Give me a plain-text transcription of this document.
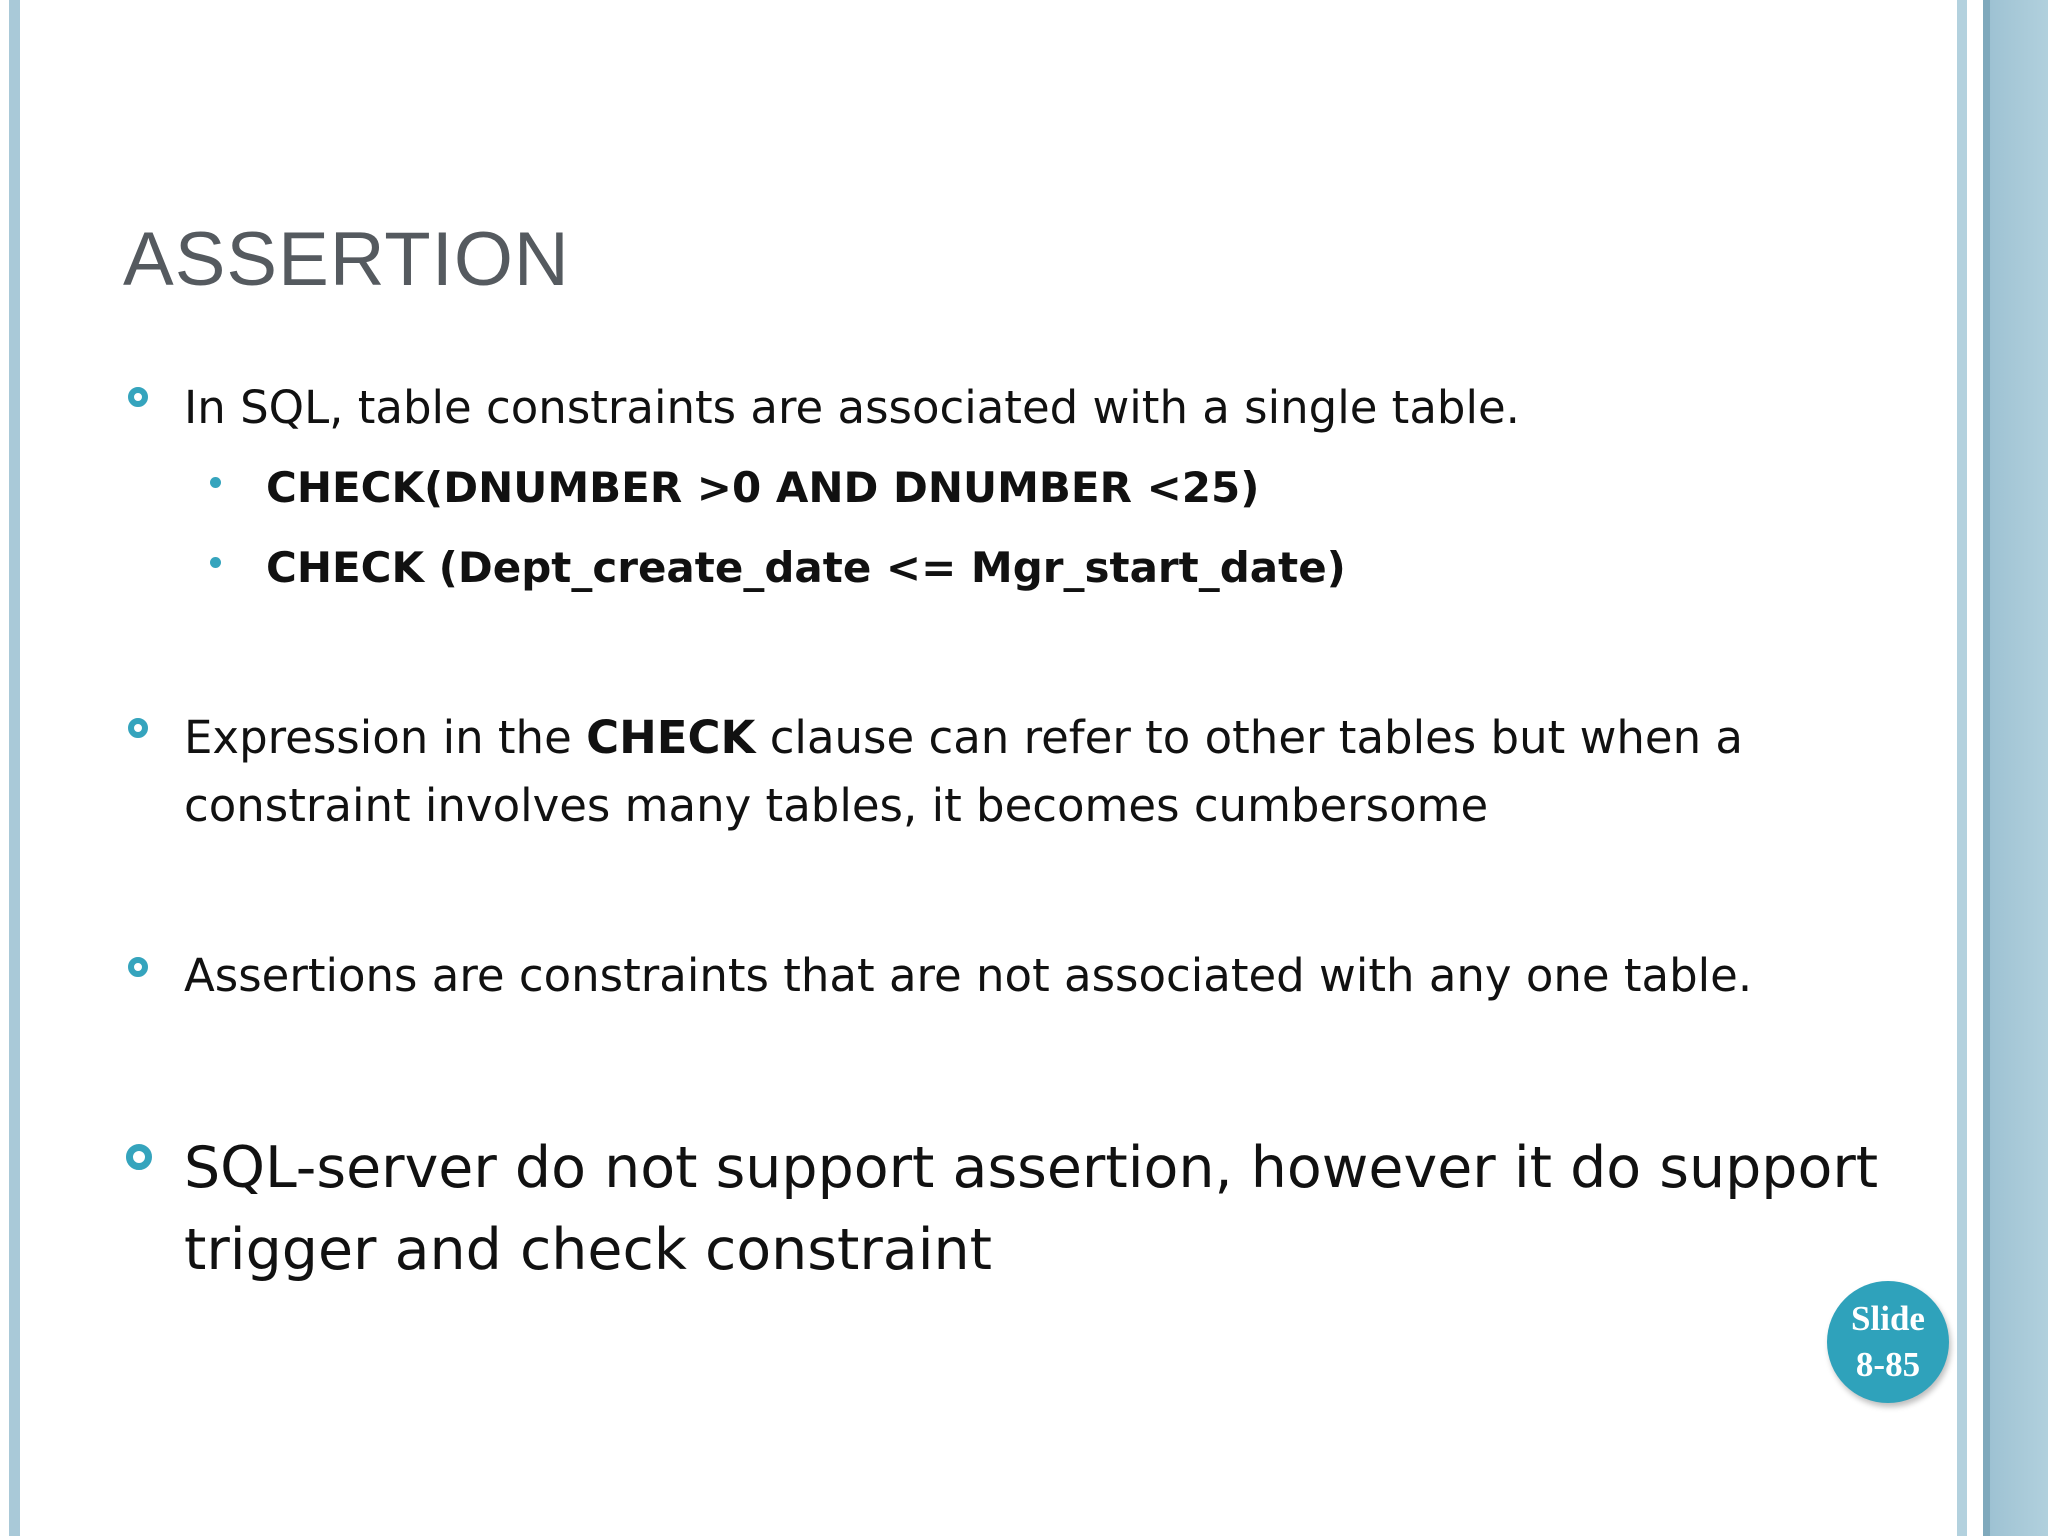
ASSERTION
In SQL, table constraints are associated with a single table.
CHECK(DNUMBER >0 AND DNUMBER <25)
CHECK (Dept_create_date <= Mgr_start_date)
Expression in the CHECK clause can refer to other tables but when a
constraint involves many tables, it becomes cumbersome
Assertions are constraints that are not associated with any one table.
SQL-server do not support assertion, however it do support
trigger and check constraint
Slide
8-85
